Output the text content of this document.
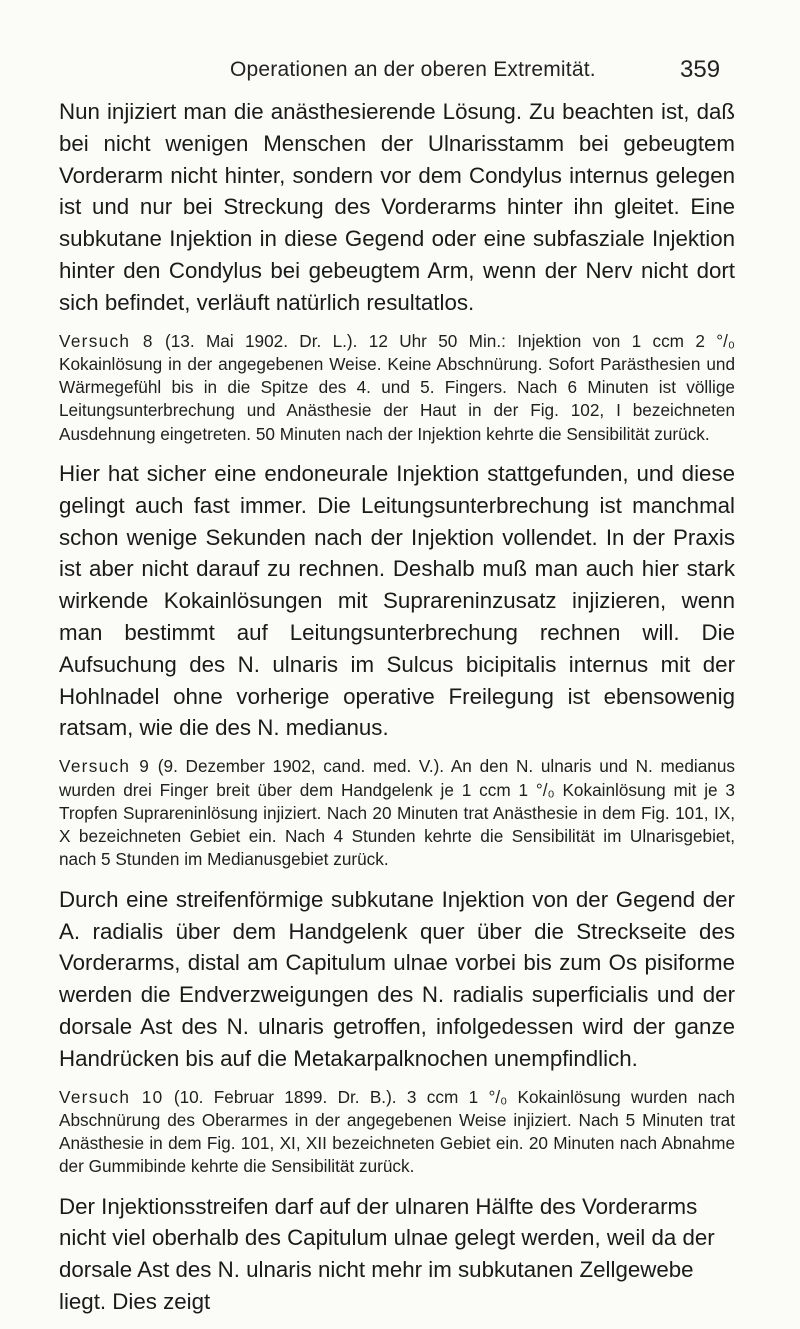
Operationen an der oberen Extremität.	359

Nun injiziert man die anästhesierende Lösung. Zu beachten ist, daß bei nicht wenigen Menschen der Ulnarisstamm bei gebeugtem Vorderarm nicht hinter, sondern vor dem Condylus internus gelegen ist und nur bei Streckung des Vorderarms hinter ihn gleitet. Eine subkutane Injektion in diese Gegend oder eine subfasziale Injektion hinter den Condylus bei gebeugtem Arm, wenn der Nerv nicht dort sich befindet, verläuft natürlich resultatlos.

Versuch 8 (13. Mai 1902. Dr. L.). 12 Uhr 50 Min.: Injektion von 1 ccm 2 °/₀ Kokainlösung in der angegebenen Weise. Keine Abschnürung. Sofort Parästhesien und Wärmegefühl bis in die Spitze des 4. und 5. Fingers. Nach 6 Minuten ist völlige Leitungsunterbrechung und Anästhesie der Haut in der Fig. 102, I bezeichneten Ausdehnung eingetreten. 50 Minuten nach der Injektion kehrte die Sensibilität zurück.

Hier hat sicher eine endoneurale Injektion stattgefunden, und diese gelingt auch fast immer. Die Leitungsunterbrechung ist manchmal schon wenige Sekunden nach der Injektion vollendet. In der Praxis ist aber nicht darauf zu rechnen. Deshalb muß man auch hier stark wirkende Kokainlösungen mit Suprareninzusatz injizieren, wenn man bestimmt auf Leitungsunterbrechung rechnen will. Die Aufsuchung des N. ulnaris im Sulcus bicipitalis internus mit der Hohlnadel ohne vorherige operative Freilegung ist ebensowenig ratsam, wie die des N. medianus.

Versuch 9 (9. Dezember 1902, cand. med. V.). An den N. ulnaris und N. medianus wurden drei Finger breit über dem Handgelenk je 1 ccm 1 °/₀ Kokainlösung mit je 3 Tropfen Suprareninlösung injiziert. Nach 20 Minuten trat Anästhesie in dem Fig. 101, IX, X bezeichneten Gebiet ein. Nach 4 Stunden kehrte die Sensibilität im Ulnarisgebiet, nach 5 Stunden im Medianusgebiet zurück.

Durch eine streifenförmige subkutane Injektion von der Gegend der A. radialis über dem Handgelenk quer über die Streckseite des Vorderarms, distal am Capitulum ulnae vorbei bis zum Os pisiforme werden die Endverzweigungen des N. radialis superficialis und der dorsale Ast des N. ulnaris getroffen, infolgedessen wird der ganze Handrücken bis auf die Metakarpalknochen unempfindlich.

Versuch 10 (10. Februar 1899. Dr. B.). 3 ccm 1 °/₀ Kokainlösung wurden nach Abschnürung des Oberarmes in der angegebenen Weise injiziert. Nach 5 Minuten trat Anästhesie in dem Fig. 101, XI, XII bezeichneten Gebiet ein. 20 Minuten nach Abnahme der Gummibinde kehrte die Sensibilität zurück.

Der Injektionsstreifen darf auf der ulnaren Hälfte des Vorderarms nicht viel oberhalb des Capitulum ulnae gelegt werden, weil da der dorsale Ast des N. ulnaris nicht mehr im subkutanen Zellgewebe liegt. Dies zeigt
